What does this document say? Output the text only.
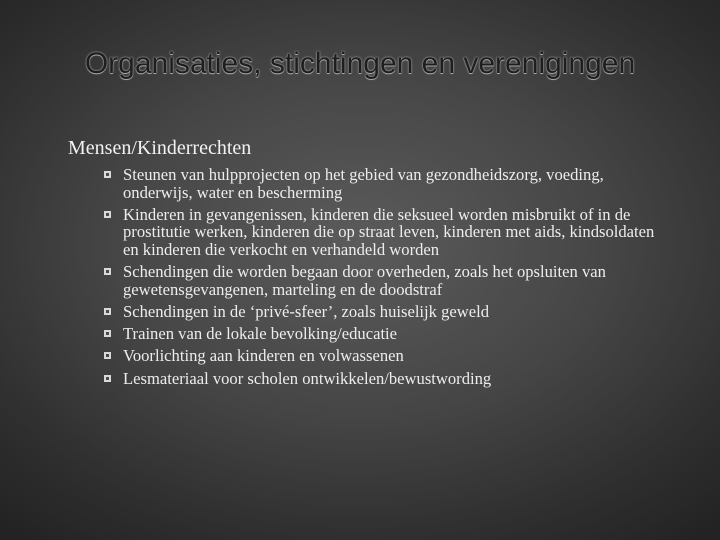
Organisaties, stichtingen en verenigingen
Mensen/Kinderrechten
Steunen van hulpprojecten op het gebied van gezondheidszorg, voeding, onderwijs, water en bescherming
Kinderen in gevangenissen, kinderen die seksueel worden misbruikt of in de prostitutie werken, kinderen die op straat leven, kinderen met aids, kindsoldaten en kinderen die verkocht en verhandeld worden
Schendingen die worden begaan door overheden, zoals het opsluiten van gewetensgevangenen, marteling en de doodstraf
Schendingen in de ‘privé-sfeer’, zoals huiselijk geweld
Trainen van de lokale bevolking/educatie
Voorlichting aan kinderen en volwassenen
Lesmateriaal voor scholen ontwikkelen/bewustwording
